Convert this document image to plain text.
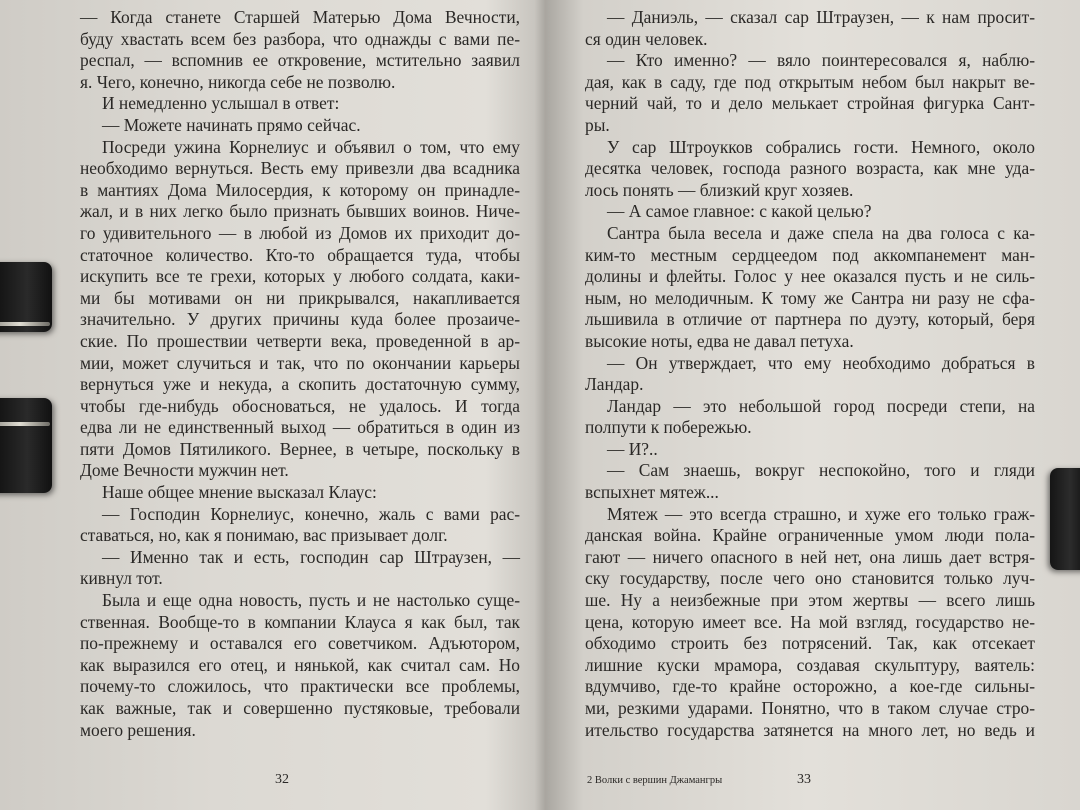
— Когда станете Старшей Матерью Дома Вечности,
буду хвастать всем без разбора, что однажды с вами пе-
респал, — вспомнив ее откровение, мстительно заявил
я. Чего, конечно, никогда себе не позволю.
И немедленно услышал в ответ:
— Можете начинать прямо сейчас.
Посреди ужина Корнелиус и объявил о том, что ему
необходимо вернуться. Весть ему привезли два всадника
в мантиях Дома Милосердия, к которому он принадле-
жал, и в них легко было признать бывших воинов. Ниче-
го удивительного — в любой из Домов их приходит до-
статочное количество. Кто-то обращается туда, чтобы
искупить все те грехи, которых у любого солдата, каки-
ми бы мотивами он ни прикрывался, накапливается
значительно. У других причины куда более прозаиче-
ские. По прошествии четверти века, проведенной в ар-
мии, может случиться и так, что по окончании карьеры
вернуться уже и некуда, а скопить достаточную сумму,
чтобы где-нибудь обосноваться, не удалось. И тогда
едва ли не единственный выход — обратиться в один из
пяти Домов Пятиликого. Вернее, в четыре, поскольку в
Доме Вечности мужчин нет.
Наше общее мнение высказал Клаус:
— Господин Корнелиус, конечно, жаль с вами рас-
ставаться, но, как я понимаю, вас призывает долг.
— Именно так и есть, господин сар Штраузен, —
кивнул тот.
Была и еще одна новость, пусть и не настолько суще-
ственная. Вообще-то в компании Клауса я как был, так
по-прежнему и оставался его советчиком. Адъютором,
как выразился его отец, и нянькой, как считал сам. Но
почему-то сложилось, что практически все проблемы,
как важные, так и совершенно пустяковые, требовали
моего решения.
32
— Даниэль, — сказал сар Штраузен, — к нам просит-
ся один человек.
— Кто именно? — вяло поинтересовался я, наблю-
дая, как в саду, где под открытым небом был накрыт ве-
черний чай, то и дело мелькает стройная фигурка Сант-
ры.
У сар Штроукков собрались гости. Немного, около
десятка человек, господа разного возраста, как мне уда-
лось понять — близкий круг хозяев.
— А самое главное: с какой целью?
Сантра была весела и даже спела на два голоса с ка-
ким-то местным сердцеедом под аккомпанемент ман-
долины и флейты. Голос у нее оказался пусть и не силь-
ным, но мелодичным. К тому же Сантра ни разу не сфа-
льшивила в отличие от партнера по дуэту, который, беря
высокие ноты, едва не давал петуха.
— Он утверждает, что ему необходимо добраться в
Ландар.
Ландар — это небольшой город посреди степи, на
полпути к побережью.
— И?..
— Сам знаешь, вокруг неспокойно, того и гляди
вспыхнет мятеж...
Мятеж — это всегда страшно, и хуже его только граж-
данская война. Крайне ограниченные умом люди пола-
гают — ничего опасного в ней нет, она лишь дает встря-
ску государству, после чего оно становится только луч-
ше. Ну а неизбежные при этом жертвы — всего лишь
цена, которую имеет все. На мой взгляд, государство не-
обходимо строить без потрясений. Так, как отсекает
лишние куски мрамора, создавая скульптуру, ваятель:
вдумчиво, где-то крайне осторожно, а кое-где сильны-
ми, резкими ударами. Понятно, что в таком случае стро-
ительство государства затянется на много лет, но ведь и
2 Волки с вершин Джамангры	33
